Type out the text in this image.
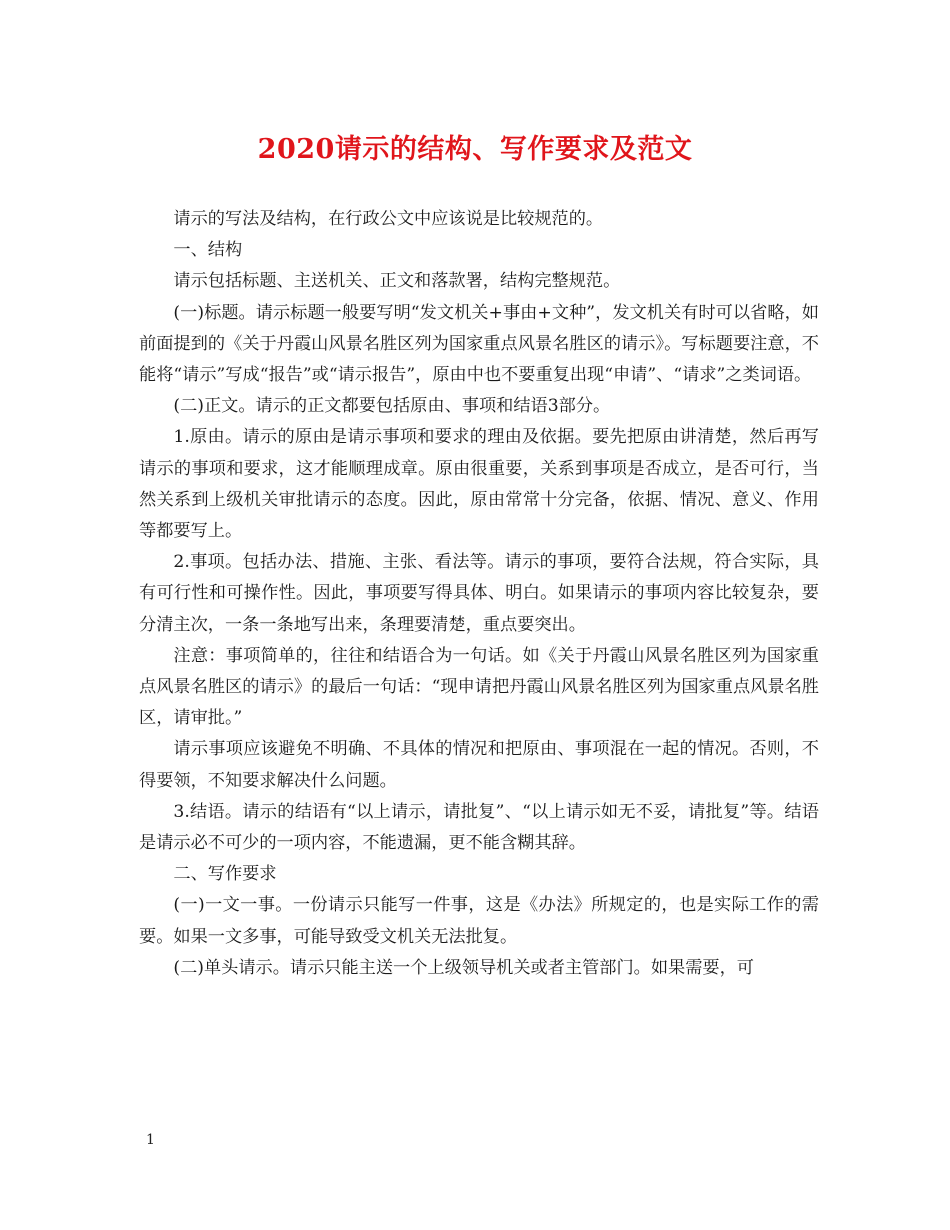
2020请示的结构、写作要求及范文

请示的写法及结构，在行政公文中应该说是比较规范的。

一、结构

请示包括标题、主送机关、正文和落款署，结构完整规范。

(一)标题。请示标题一般要写明“发文机关+事由+文种”，发文机关有时可以省略，如前面提到的《关于丹霞山风景名胜区列为国家重点风景名胜区的请示》。写标题要注意，不能将“请示”写成“报告”或“请示报告”，原由中也不要重复出现“申请”、“请求”之类词语。

(二)正文。请示的正文都要包括原由、事项和结语3部分。

1.原由。请示的原由是请示事项和要求的理由及依据。要先把原由讲清楚，然后再写请示的事项和要求，这才能顺理成章。原由很重要，关系到事项是否成立，是否可行，当然关系到上级机关审批请示的态度。因此，原由常常十分完备，依据、情况、意义、作用等都要写上。

2.事项。包括办法、措施、主张、看法等。请示的事项，要符合法规，符合实际，具有可行性和可操作性。因此，事项要写得具体、明白。如果请示的事项内容比较复杂，要分清主次，一条一条地写出来，条理要清楚，重点要突出。

注意：事项简单的，往往和结语合为一句话。如《关于丹霞山风景名胜区列为国家重点风景名胜区的请示》的最后一句话：“现申请把丹霞山风景名胜区列为国家重点风景名胜区，请审批。”

请示事项应该避免不明确、不具体的情况和把原由、事项混在一起的情况。否则，不得要领，不知要求解决什么问题。

3.结语。请示的结语有“以上请示，请批复”、“以上请示如无不妥，请批复”等。结语是请示必不可少的一项内容，不能遗漏，更不能含糊其辞。

二、写作要求

(一)一文一事。一份请示只能写一件事，这是《办法》所规定的，也是实际工作的需要。如果一文多事，可能导致受文机关无法批复。

(二)单头请示。请示只能主送一个上级领导机关或者主管部门。如果需要，可

1
